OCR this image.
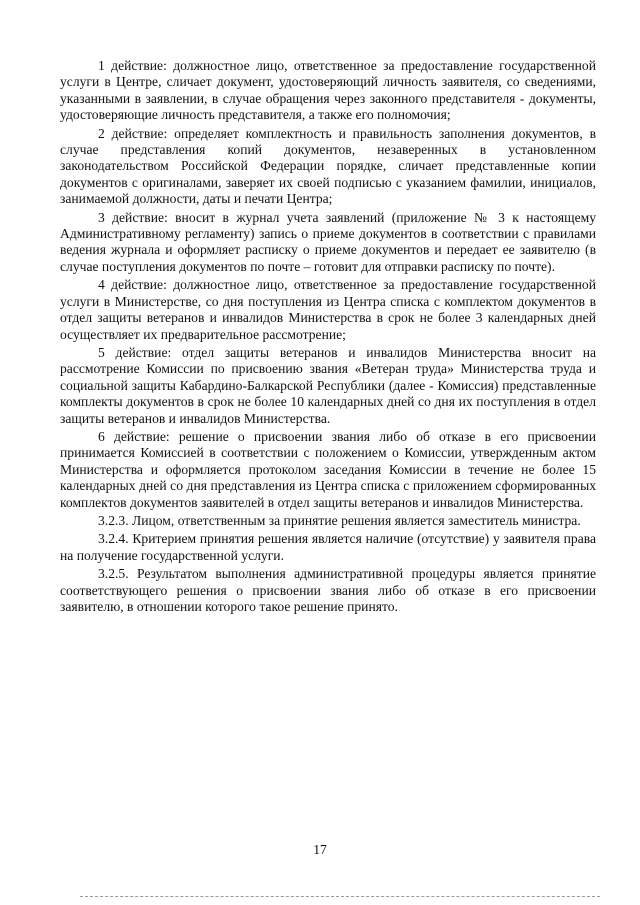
1 действие: должностное лицо, ответственное за предоставление государственной услуги в Центре, сличает документ, удостоверяющий личность заявителя, со сведениями, указанными в заявлении, в случае обращения через законного представителя - документы, удостоверяющие личность представителя, а также его полномочия;

2 действие: определяет комплектность и правильность заполнения документов, в случае представления копий документов, незаверенных в установленном законодательством Российской Федерации порядке, сличает представленные копии документов с оригиналами, заверяет их своей подписью с указанием фамилии, инициалов, занимаемой должности, даты и печати Центра;

3 действие: вносит в журнал учета заявлений (приложение № 3 к настоящему Административному регламенту) запись о приеме документов в соответствии с правилами ведения журнала и оформляет расписку о приеме документов и передает ее заявителю (в случае поступления документов по почте – готовит для отправки расписку по почте).

4 действие: должностное лицо, ответственное за предоставление государственной услуги в Министерстве, со дня поступления из Центра списка с комплектом документов в отдел защиты ветеранов и инвалидов Министерства в срок не более 3 календарных дней осуществляет их предварительное рассмотрение;

5 действие: отдел защиты ветеранов и инвалидов Министерства вносит на рассмотрение Комиссии по присвоению звания «Ветеран труда» Министерства труда и социальной защиты Кабардино-Балкарской Республики (далее - Комиссия) представленные комплекты документов в срок не более 10 календарных дней со дня их поступления в отдел защиты ветеранов и инвалидов Министерства.

6 действие: решение о присвоении звания либо об отказе в его присвоении принимается Комиссией в соответствии с положением о Комиссии, утвержденным актом Министерства и оформляется протоколом заседания Комиссии в течение не более 15 календарных дней со дня представления из Центра списка с приложением сформированных комплектов документов заявителей в отдел защиты ветеранов и инвалидов Министерства.

3.2.3. Лицом, ответственным за принятие решения является заместитель министра.

3.2.4. Критерием принятия решения является наличие (отсутствие) у заявителя права на получение государственной услуги.

3.2.5. Результатом выполнения административной процедуры является принятие соответствующего решения о присвоении звания либо об отказе в его присвоении заявителю, в отношении которого такое решение принято.

17
